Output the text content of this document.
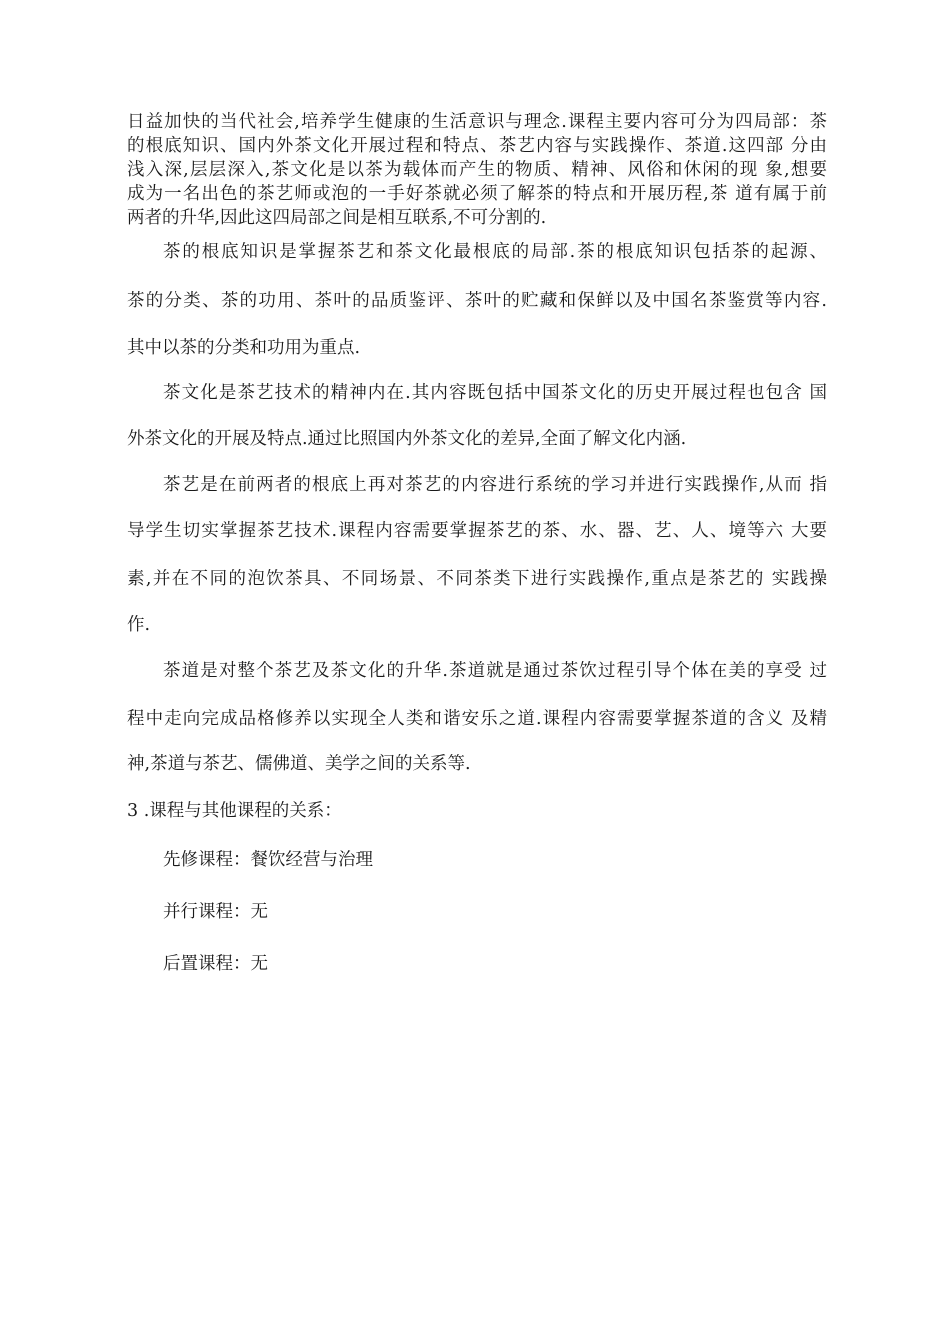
日益加快的当代社会,培养学生健康的生活意识与理念.课程主要内容可分为四局部：茶
的根底知识、国内外茶文化开展过程和特点、茶艺内容与实践操作、茶道.这四部 分由
浅入深,层层深入,茶文化是以茶为载体而产生的物质、精神、风俗和休闲的现 象,想要
成为一名出色的茶艺师或泡的一手好茶就必须了解茶的特点和开展历程,茶 道有属于前
两者的升华,因此这四局部之间是相互联系,不可分割的.
茶的根底知识是掌握茶艺和茶文化最根底的局部.茶的根底知识包括茶的起源、
茶的分类、茶的功用、茶叶的品质鉴评、茶叶的贮藏和保鲜以及中国名茶鉴赏等内容.
其中以茶的分类和功用为重点.
茶文化是茶艺技术的精神内在.其内容既包括中国茶文化的历史开展过程也包含 国
外茶文化的开展及特点.通过比照国内外茶文化的差异,全面了解文化内涵.
茶艺是在前两者的根底上再对茶艺的内容进行系统的学习并进行实践操作,从而 指
导学生切实掌握茶艺技术.课程内容需要掌握茶艺的茶、水、器、艺、人、境等六 大要
素,并在不同的泡饮茶具、不同场景、不同茶类下进行实践操作,重点是茶艺的 实践操
作.
茶道是对整个茶艺及茶文化的升华.茶道就是通过茶饮过程引导个体在美的享受 过
程中走向完成品格修养以实现全人类和谐安乐之道.课程内容需要掌握茶道的含义 及精
神,茶道与茶艺、儒佛道、美学之间的关系等.
3 .课程与其他课程的关系：
先修课程：餐饮经营与治理
并行课程：无
后置课程：无
